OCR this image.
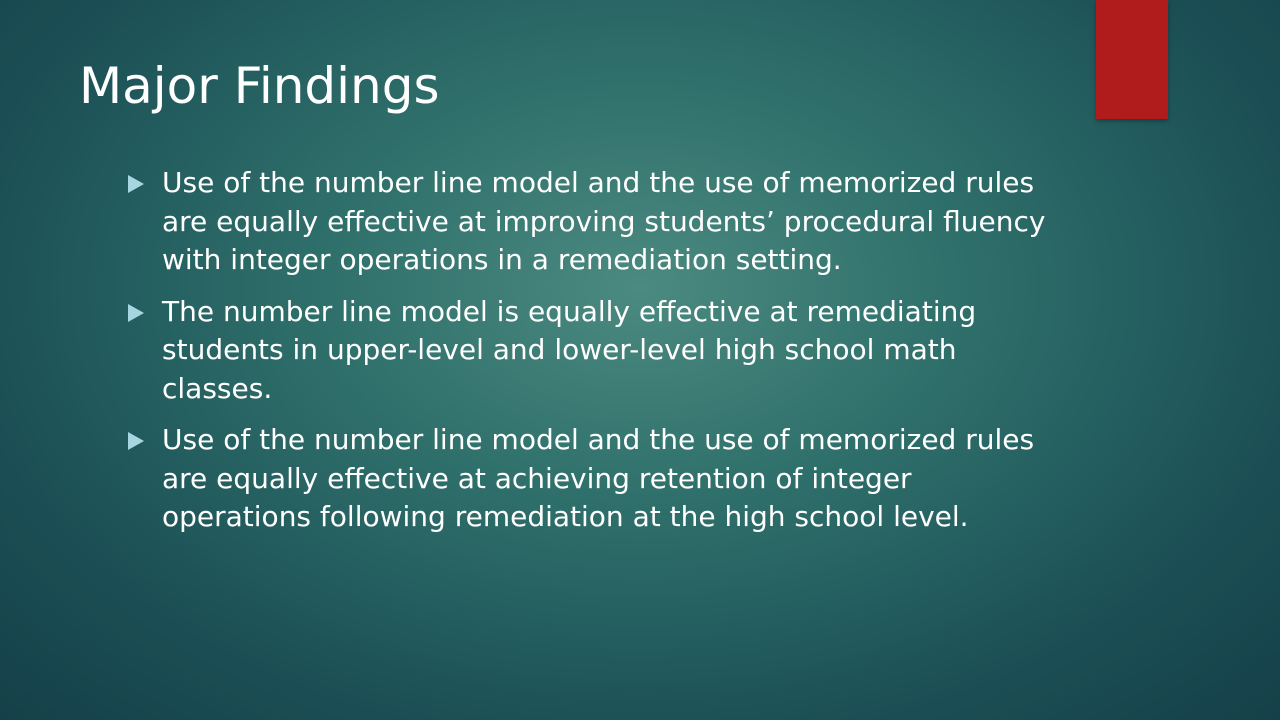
Major Findings
Use of the number line model and the use of memorized rules are equally effective at improving students’ procedural fluency with integer operations in a remediation setting.
The number line model is equally effective at remediating students in upper-level and lower-level high school math classes.
Use of the number line model and the use of memorized rules are equally effective at achieving retention of integer operations following remediation at the high school level.
